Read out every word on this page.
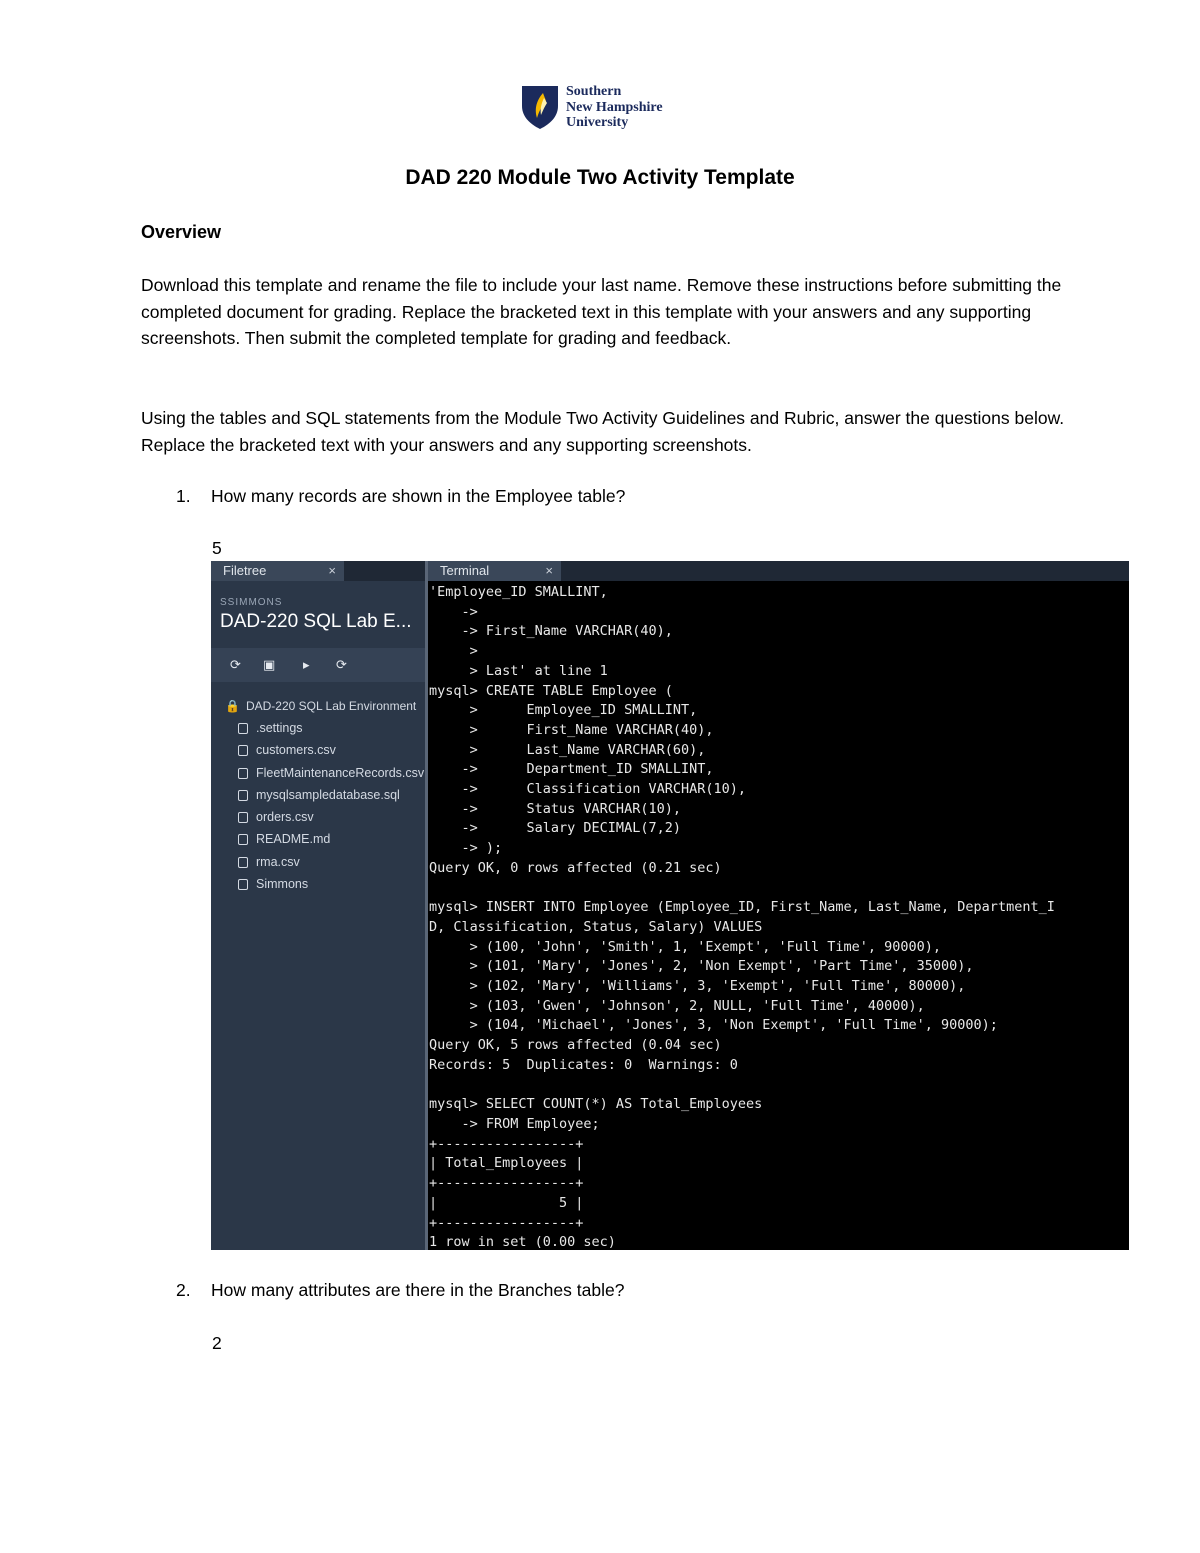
Southern
New Hampshire
University
DAD 220 Module Two Activity Template
Overview
Download this template and rename the file to include your last name. Remove these instructions before submitting the completed document for grading. Replace the bracketed text in this template with your answers and any supporting screenshots. Then submit the completed template for grading and feedback.
Using the tables and SQL statements from the Module Two Activity Guidelines and Rubric, answer the questions below. Replace the bracketed text with your answers and any supporting screenshots.
1. How many records are shown in the Employee table?
5
Filetree	×
SSIMMONS
DAD-220 SQL Lab E...
⟳ ▣ ▸ ⟳
🔒 DAD-220 SQL Lab Environment
.settings
customers.csv
FleetMaintenanceRecords.csv
mysqlsampledatabase.sql
orders.csv
README.md
rma.csv
Simmons
Terminal	×
'Employee_ID SMALLINT,
->
-> First_Name VARCHAR(40),
>
> Last' at line 1
mysql> CREATE TABLE Employee (
>      Employee_ID SMALLINT,
>      First_Name VARCHAR(40),
>      Last_Name VARCHAR(60),
->      Department_ID SMALLINT,
->      Classification VARCHAR(10),
->      Status VARCHAR(10),
->      Salary DECIMAL(7,2)
-> );
Query OK, 0 rows affected (0.21 sec)

mysql> INSERT INTO Employee (Employee_ID, First_Name, Last_Name, Department_I
D, Classification, Status, Salary) VALUES
> (100, 'John', 'Smith', 1, 'Exempt', 'Full Time', 90000),
> (101, 'Mary', 'Jones', 2, 'Non Exempt', 'Part Time', 35000),
> (102, 'Mary', 'Williams', 3, 'Exempt', 'Full Time', 80000),
> (103, 'Gwen', 'Johnson', 2, NULL, 'Full Time', 40000),
> (104, 'Michael', 'Jones', 3, 'Non Exempt', 'Full Time', 90000);
Query OK, 5 rows affected (0.04 sec)
Records: 5  Duplicates: 0  Warnings: 0

mysql> SELECT COUNT(*) AS Total_Employees
-> FROM Employee;
+-----------------+
| Total_Employees |
+-----------------+
|               5 |
+-----------------+
1 row in set (0.00 sec)
2. How many attributes are there in the Branches table?
2
